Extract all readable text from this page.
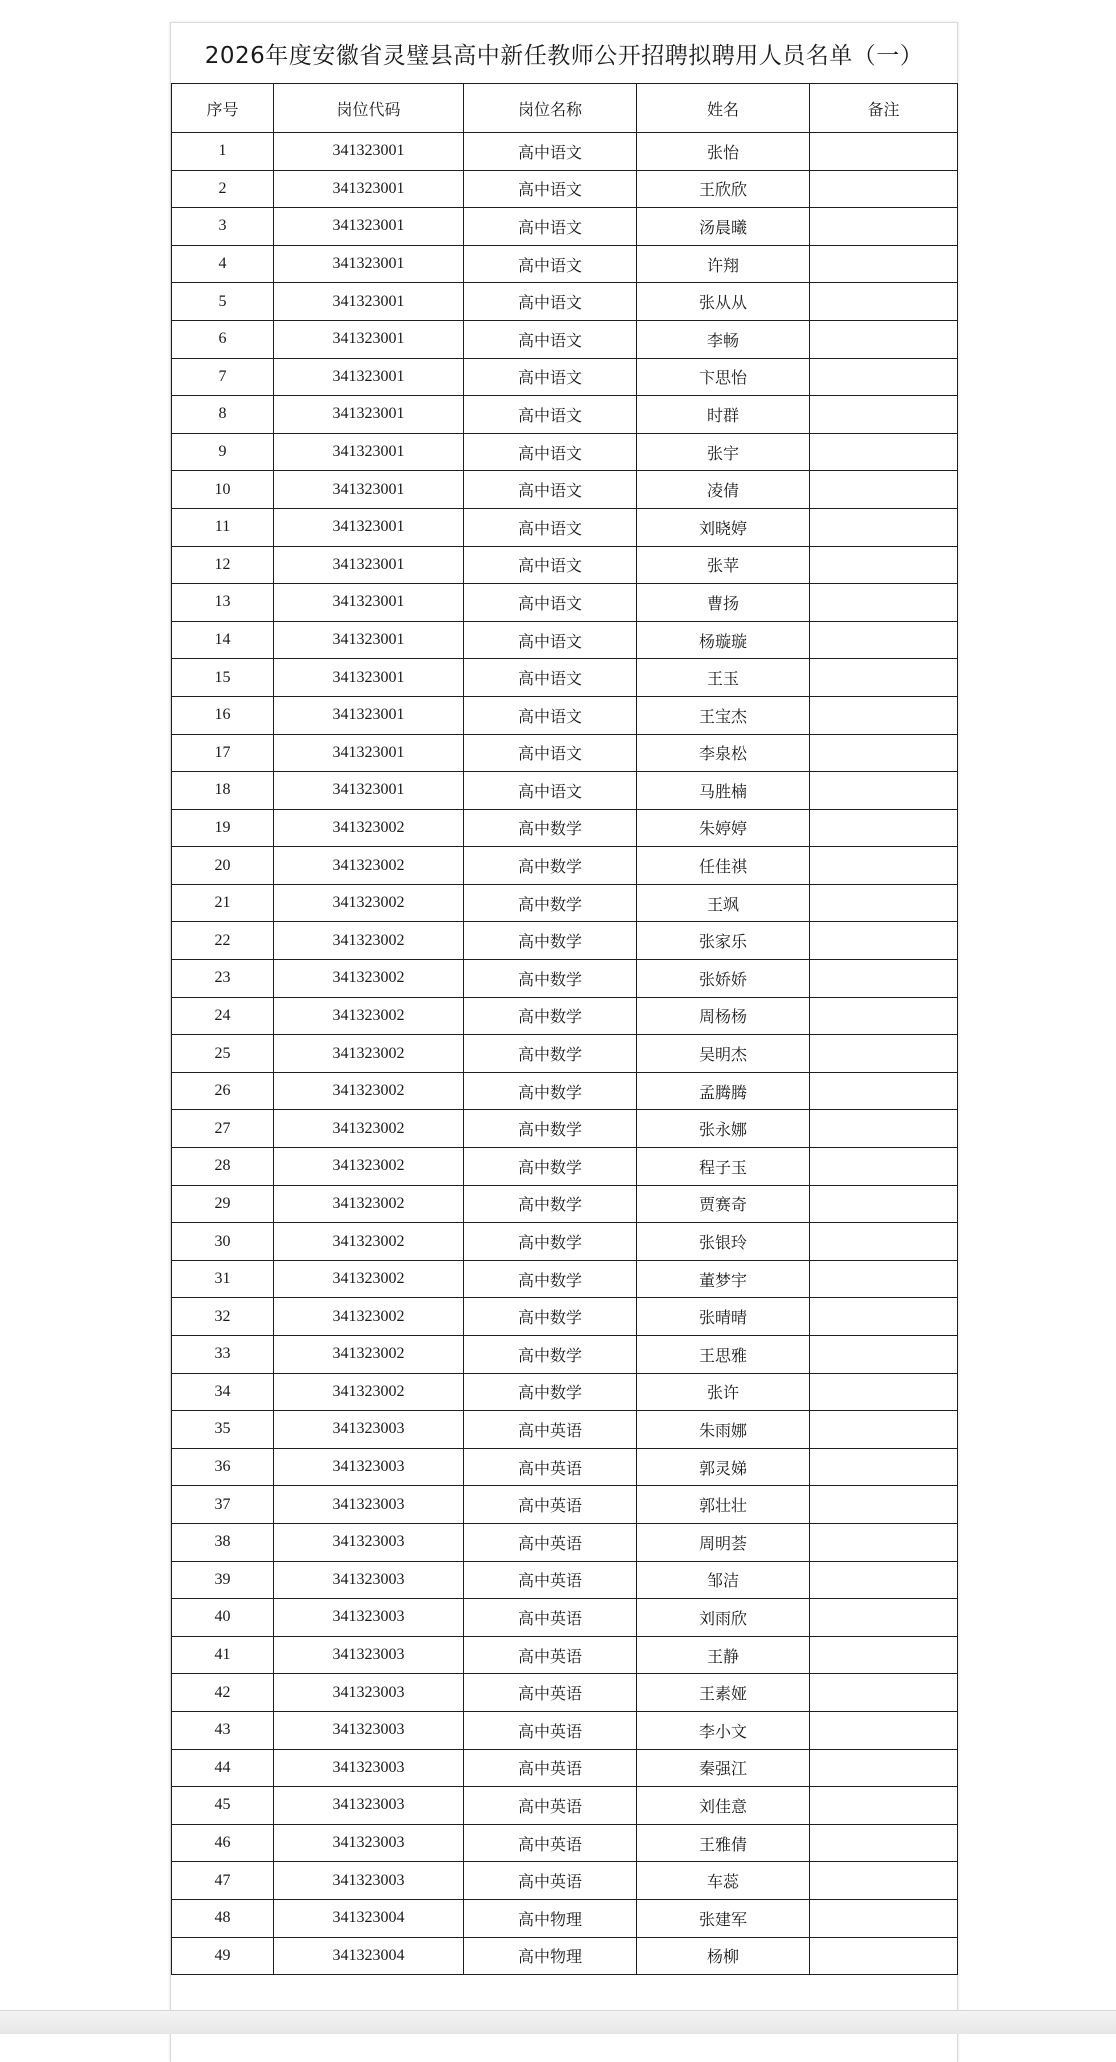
2026年度安徽省灵璧县高中新任教师公开招聘拟聘用人员名单（一）
序号	岗位代码	岗位名称	姓名	备注
1	341323001	高中语文	张怡	
2	341323001	高中语文	王欣欣	
3	341323001	高中语文	汤晨曦	
4	341323001	高中语文	许翔	
5	341323001	高中语文	张从从	
6	341323001	高中语文	李畅	
7	341323001	高中语文	卞思怡	
8	341323001	高中语文	时群	
9	341323001	高中语文	张宇	
10	341323001	高中语文	凌倩	
11	341323001	高中语文	刘晓婷	
12	341323001	高中语文	张苹	
13	341323001	高中语文	曹扬	
14	341323001	高中语文	杨璇璇	
15	341323001	高中语文	王玉	
16	341323001	高中语文	王宝杰	
17	341323001	高中语文	李泉松	
18	341323001	高中语文	马胜楠	
19	341323002	高中数学	朱婷婷	
20	341323002	高中数学	任佳祺	
21	341323002	高中数学	王飒	
22	341323002	高中数学	张家乐	
23	341323002	高中数学	张娇娇	
24	341323002	高中数学	周杨杨	
25	341323002	高中数学	吴明杰	
26	341323002	高中数学	孟腾腾	
27	341323002	高中数学	张永娜	
28	341323002	高中数学	程子玉	
29	341323002	高中数学	贾赛奇	
30	341323002	高中数学	张银玲	
31	341323002	高中数学	董梦宇	
32	341323002	高中数学	张晴晴	
33	341323002	高中数学	王思雅	
34	341323002	高中数学	张许	
35	341323003	高中英语	朱雨娜	
36	341323003	高中英语	郭灵娣	
37	341323003	高中英语	郭壮壮	
38	341323003	高中英语	周明荟	
39	341323003	高中英语	邹洁	
40	341323003	高中英语	刘雨欣	
41	341323003	高中英语	王静	
42	341323003	高中英语	王素娅	
43	341323003	高中英语	李小文	
44	341323003	高中英语	秦强江	
45	341323003	高中英语	刘佳意	
46	341323003	高中英语	王雅倩	
47	341323003	高中英语	车蕊	
48	341323004	高中物理	张建军	
49	341323004	高中物理	杨柳	
